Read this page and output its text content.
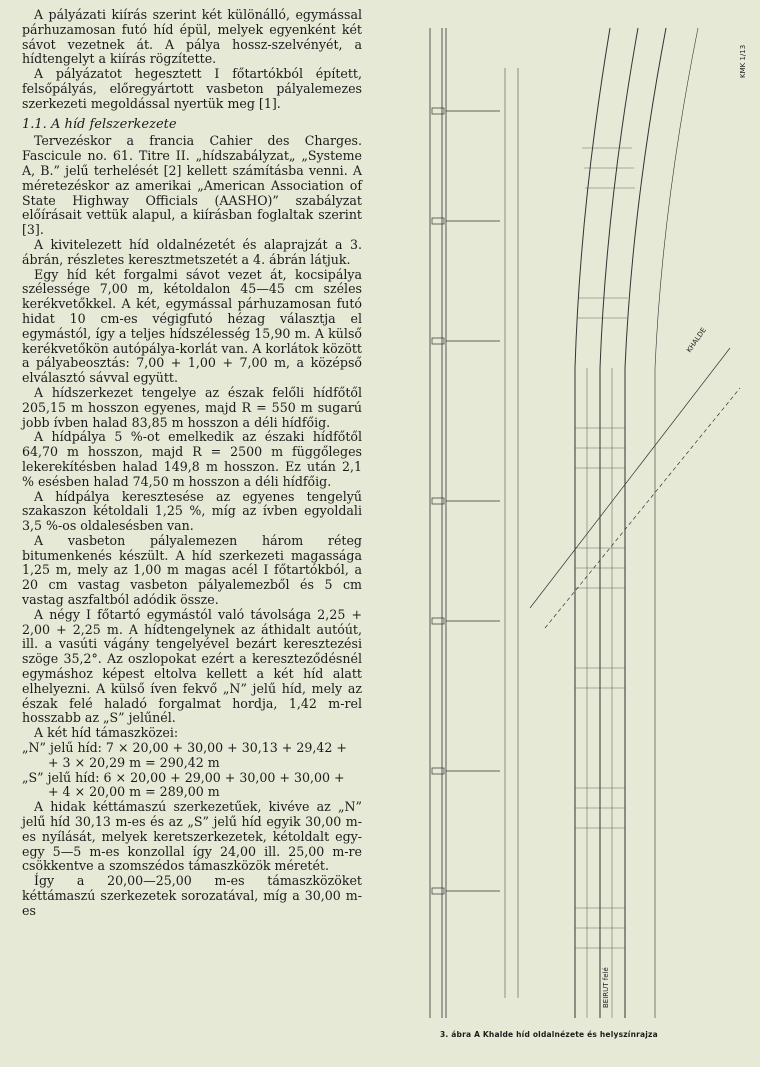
A pályázati kiírás szerint két különálló, egymással párhuzamosan futó híd épül, melyek egyenként két sávot vezetnek át. A pálya hossz-szelvényét, a hídtengelyt a kiírás rögzítette.

A pályázatot hegesztett I főtartókból épített, felsőpályás, előregyártott vasbeton pályalemezes szerkezeti megoldással nyertük meg [1].

1.1. A híd felszerkezete

Tervezéskor a francia Cahier des Charges. Fascicule no. 61. Titre II. „hídszabályzat„ „Systeme A, B.” jelű terhelését [2] kellett számításba venni. A méretezéskor az amerikai „American Association of State Highway Officials (AASHO)” szabályzat előírásait vettük alapul, a kiírásban foglaltak szerint [3].

A kivitelezett híd oldalnézetét és alaprajzát a 3. ábrán, részletes keresztmetszetét a 4. ábrán látjuk.

Egy híd két forgalmi sávot vezet át, kocsipálya szélessége 7,00 m, kétoldalon 45—45 cm széles kerékvetőkkel. A két, egymással párhuzamosan futó hidat 10 cm-es végigfutó hézag választja el egymástól, így a teljes hídszélesség 15,90 m. A külső kerékvetőkön autópálya-korlát van. A korlátok között a pályabeosztás: 7,00 + 1,00 + 7,00 m, a középső elválasztó sávval együtt.

A hídszerkezet tengelye az észak felőli hídfőtől 205,15 m hosszon egyenes, majd R = 550 m sugarú jobb ívben halad 83,85 m hosszon a déli hídfőig.

A hídpálya 5 %-ot emelkedik az északi hídfőtől 64,70 m hosszon, majd R = 2500 m függőleges lekerekítésben halad 149,8 m hosszon. Ez után 2,1 % esésben halad 74,50 m hosszon a déli hídfőig.

A hídpálya keresztesése az egyenes tengelyű szakaszon kétoldali 1,25 %, míg az ívben egyoldali 3,5 %-os oldalesésben van.

A vasbeton pályalemezen három réteg bitumenkenés készült. A híd szerkezeti magassága 1,25 m, mely az 1,00 m magas acél I főtartókból, a 20 cm vastag vasbeton pályalemezből és 5 cm vastag aszfaltból adódik össze.

A négy I főtartó egymástól való távolsága 2,25 + 2,00 + 2,25 m. A hídtengelynek az áthidalt autóút, ill. a vasúti vágány tengelyével bezárt keresztezési szöge 35,2°. Az oszlopokat ezért a kereszteződésnél egymáshoz képest eltolva kellett a két híd alatt elhelyezni. A külső íven fekvő „N” jelű híd, mely az észak felé haladó forgalmat hordja, 1,42 m-rel hosszabb az „S” jelűnél.

A két híd támaszközei:

„N” jelű híd: 7 × 20,00 + 30,00 + 30,13 + 29,42 +

+ 3 × 20,29 m = 290,42 m

„S” jelű híd: 6 × 20,00 + 29,00 + 30,00 + 30,00 +

+ 4 × 20,00 m = 289,00 m

A hidak kéttámaszú szerkezetűek, kivéve az „N” jelű híd 30,13 m-es és az „S” jelű híd egyik 30,00 m-es nyílását, melyek keretszerkezetek, kétoldalt egy-egy 5—5 m-es konzollal így 24,00 ill. 25,00 m-re csökkentve a szomszédos támaszközök méretét.

Így a 20,00—25,00 m-es támaszközöket kéttámaszú szerkezetek sorozatával, míg a 30,00 m-es

BEIRUT felé
KHALDE
KMK 1/13
3. ábra A Khalde híd oldalnézete és helyszínrajza
